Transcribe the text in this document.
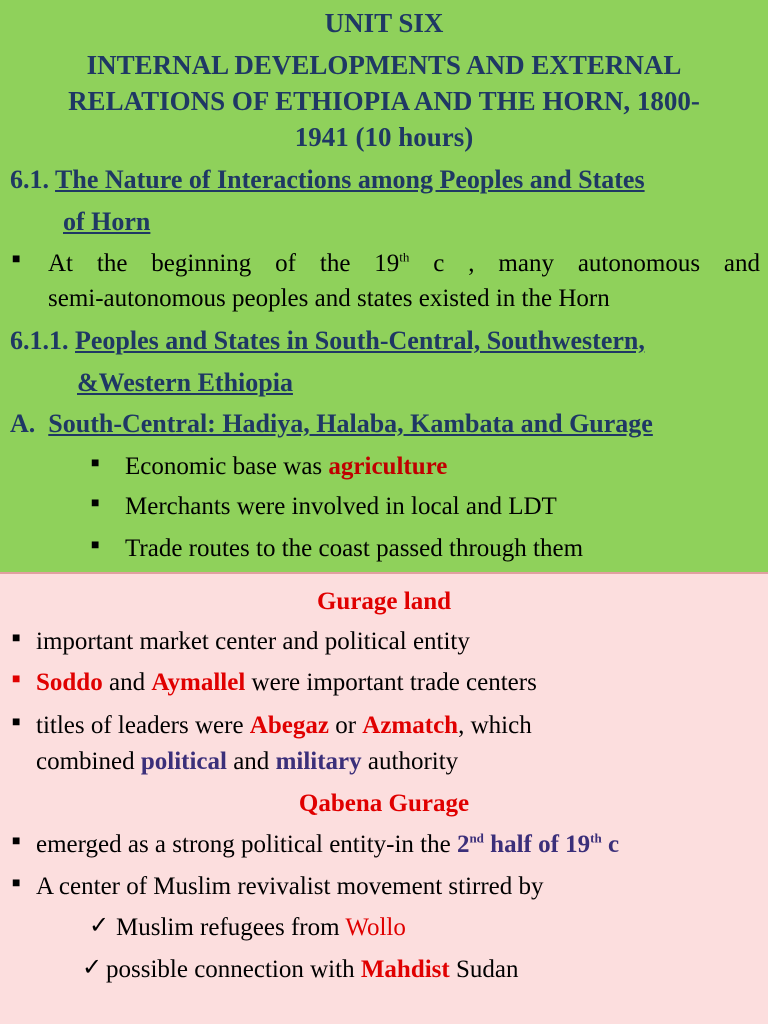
UNIT SIX
INTERNAL DEVELOPMENTS AND EXTERNAL
RELATIONS OF ETHIOPIA AND THE HORN, 1800-
1941 (10 hours)
6.1. The Nature of Interactions among Peoples and States
of Horn
■ At the beginning of the 19th c , many autonomous and
semi-autonomous peoples and states existed in the Horn
6.1.1. Peoples and States in South-Central, Southwestern,
&Western Ethiopia
A. South-Central: Hadiya, Halaba, Kambata and Gurage
■ Economic base was agriculture
■ Merchants were involved in local and LDT
■ Trade routes to the coast passed through them
Gurage land
■ important market center and political entity
■ Soddo and Aymallel were important trade centers
■ titles of leaders were Abegaz or Azmatch, which
combined political and military authority
Qabena Gurage
■ emerged as a strong political entity-in the 2nd half of 19th c
■ A center of Muslim revivalist movement stirred by
✓ Muslim refugees from Wollo
✓ possible connection with Mahdist Sudan
